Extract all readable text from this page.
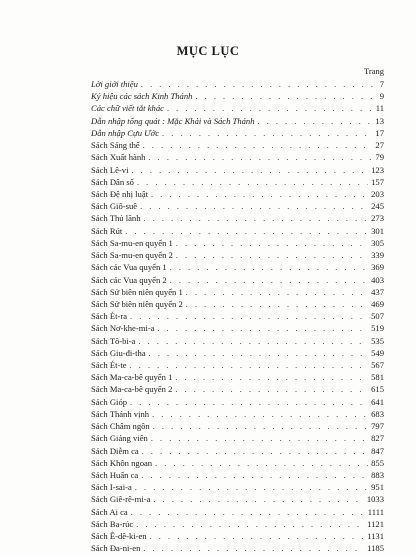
MỤC LỤC
Trang
Lời giới thiệu . . .	7
Ký hiệu các sách Kinh Thánh . . .	9
Các chữ viết tắt khác . . .	11
Dẫn nhập tổng quát : Mặc Khải và Sách Thánh . . .	13
Dẫn nhập Cựu Ước . . .	17
Sách Sáng thế . . .	27
Sách Xuất hành . . .	79
Sách Lê-vi . . .	123
Sách Dân số . . .	157
Sách Đệ nhị luật . . .	203
Sách Giô-suê . . .	245
Sách Thủ lãnh . . .	273
Sách Rút . . .	301
Sách Sa-mu-en quyển 1 . . .	305
Sách Sa-mu-en quyển 2 . . .	339
Sách các Vua quyển 1 . . .	369
Sách các Vua quyển 2 . . .	403
Sách Sử biên niên quyển 1 . . .	437
Sách Sử biên niên quyển 2 . . .	469
Sách Ét-ra . . .	507
Sách Nơ-khe-mi-a . . .	519
Sách Tô-bi-a . . .	535
Sách Giu-đi-tha . . .	549
Sách Ét-te . . .	567
Sách Ma-ca-bê quyển 1 . . .	581
Sách Ma-ca-bê quyển 2 . . .	615
Sách Gióp . . .	641
Sách Thánh vịnh . . .	683
Sách Châm ngôn . . .	797
Sách Giảng viên . . .	827
Sách Diễm ca . . .	847
Sách Khôn ngoan . . .	855
Sách Huấn ca . . .	883
Sách I-sai-a . . .	951
Sách Giê-rê-mi-a . . .	1033
Sách Ai ca . . .	1111
Sách Ba-rúc . . .	1121
Sách Ê-dê-ki-en . . .	1131
Sách Đa-ni-en . . .	1185
